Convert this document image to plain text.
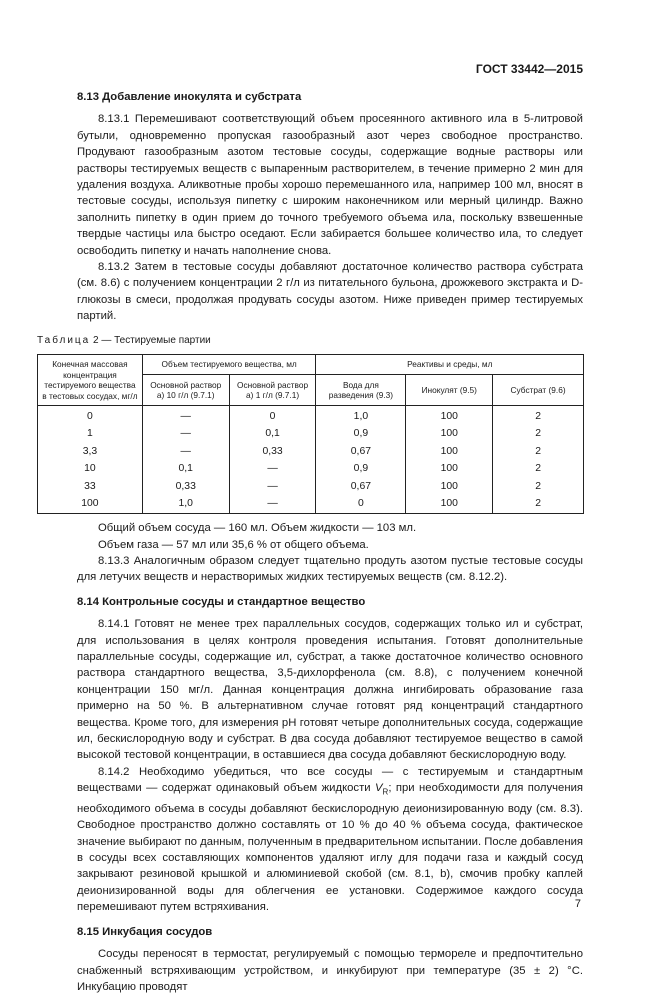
ГОСТ 33442—2015
8.13 Добавление инокулята и субстрата

8.13.1 Перемешивают соответствующий объем просеянного активного ила в 5-литровой бутыли, одновременно пропуская газообразный азот через свободное пространство. Продувают газообразным азотом тестовые сосуды, содержащие водные растворы или растворы тестируемых веществ с выпаренным растворителем, в течение примерно 2 мин для удаления воздуха. Аликвотные пробы хорошо перемешанного ила, например 100 мл, вносят в тестовые сосуды, используя пипетку с широким наконечником или мерный цилиндр. Важно заполнить пипетку в один прием до точного требуемого объема ила, поскольку взвешенные твердые частицы ила быстро оседают. Если забирается большее количество ила, то следует освободить пипетку и начать наполнение снова.

8.13.2 Затем в тестовые сосуды добавляют достаточное количество раствора субстрата (см. 8.6) с получением концентрации 2 г/л из питательного бульона, дрожжевого экстракта и D-глюкозы в смеси, продолжая продувать сосуды азотом. Ниже приведен пример тестируемых партий.

Таблица 2 — Тестируемые партии
Конечная массовая концентрация тестируемого вещества в тестовых сосудах, мг/л	Объем тестируемого вещества, мл		Реактивы и среды, мл		
	Основной раствор а) 10 г/л (9.7.1)	Основной раствор а) 1 г/л (9.7.1)	Вода для разведения (9.3)	Инокулят (9.5)	Субстрат (9.6)
0	—	0	1,0	100	2
1	—	0,1	0,9	100	2
3,3	—	0,33	0,67	100	2
10	0,1	—	0,9	100	2
33	0,33	—	0,67	100	2
100	1,0	—	0	100	2

Общий объем сосуда — 160 мл. Объем жидкости — 103 мл.

Объем газа — 57 мл или 35,6 % от общего объема.

8.13.3 Аналогичным образом следует тщательно продуть азотом пустые тестовые сосуды для летучих веществ и нерастворимых жидких тестируемых веществ (см. 8.12.2).

8.14 Контрольные сосуды и стандартное вещество

8.14.1 Готовят не менее трех параллельных сосудов, содержащих только ил и субстрат, для использования в целях контроля проведения испытания. Готовят дополнительные параллельные сосуды, содержащие ил, субстрат, а также достаточное количество основного раствора стандартного вещества, 3,5-дихлорфенола (см. 8.8), с получением конечной концентрации 150 мг/л. Данная концентрация должна ингибировать образование газа примерно на 50 %. В альтернативном случае готовят ряд концентраций стандартного вещества. Кроме того, для измерения pH готовят четыре дополнительных сосуда, содержащие ил, бескислородную воду и субстрат. В два сосуда добавляют тестируемое вещество в самой высокой тестовой концентрации, в оставшиеся два сосуда добавляют бескислородную воду.

8.14.2 Необходимо убедиться, что все сосуды — с тестируемым и стандартным веществами — содержат одинаковый объем жидкости $V_R$; при необходимости для получения необходимого объема в сосуды добавляют бескислородную деионизированную воду (см. 8.3). Свободное пространство должно составлять от 10 % до 40 % объема сосуда, фактическое значение выбирают по данным, полученным в предварительном испытании. После добавления в сосуды всех составляющих компонентов удаляют иглу для подачи газа и каждый сосуд закрывают резиновой крышкой и алюминиевой скобой (см. 8.1, b), смочив пробку каплей деионизированной воды для облегчения ее установки. Содержимое каждого сосуда перемешивают путем встряхивания.

8.15 Инкубация сосудов

Сосуды переносят в термостат, регулируемый с помощью термореле и предпочтительно снабженный встряхивающим устройством, и инкубируют при температуре (35 ± 2) °С. Инкубацию проводят

7
